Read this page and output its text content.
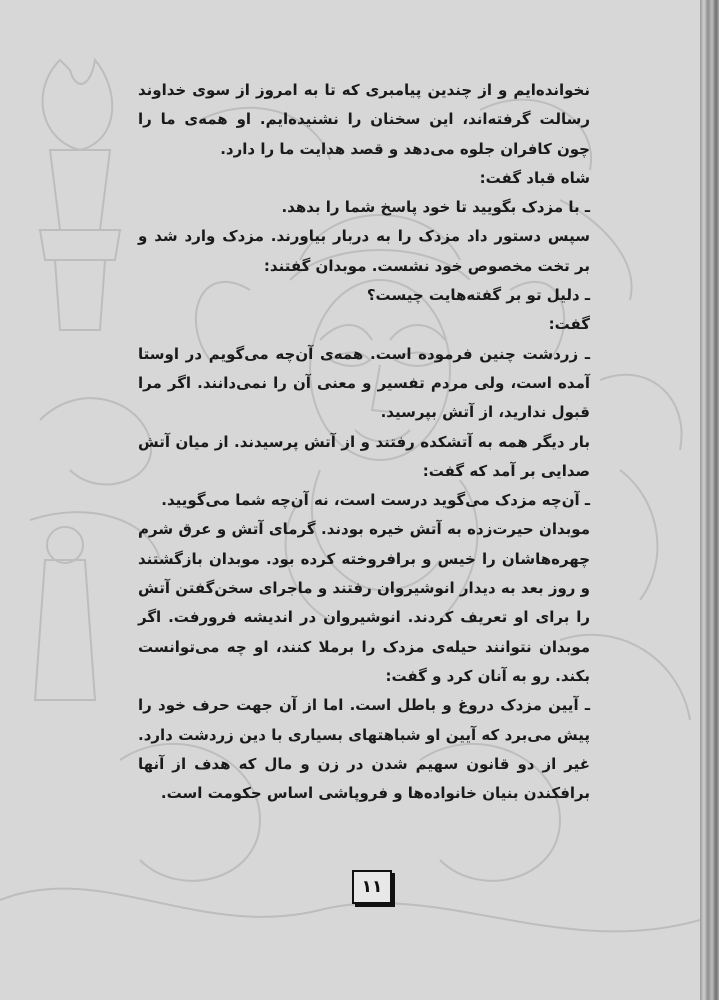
نخوانده‌ایم و از چندین پیامبری که تا به امروز از سوی خداوند رسالت گرفته‌اند، این سخنان را نشنیده‌ایم. او همه‌ی ما را چون کافران جلوه می‌دهد و قصد هدایت ما را دارد.

شاه قباد گفت:

ـ با مزدک بگویید تا خود پاسخ شما را بدهد.

سپس دستور داد مزدک را به دربار بیاورند. مزدک وارد شد و بر تخت مخصوص خود نشست. موبدان گفتند:

ـ دلیل تو بر گفته‌هایت چیست؟

گفت:

ـ زردشت چنین فرموده است. همه‌ی آن‌چه می‌گویم در اوستا آمده است، ولی مردم تفسیر و معنی آن را نمی‌دانند. اگر مرا قبول ندارید، از آتش بپرسید.

بار دیگر همه به آتشکده رفتند و از آتش پرسیدند. از میان آتش صدایی بر آمد که گفت:

ـ آن‌چه مزدک می‌گوید درست است، نه آن‌چه شما می‌گویید.

موبدان حیرت‌زده به آتش خیره بودند. گرمای آتش و عرق شرم چهره‌هاشان را خیس و برافروخته کرده بود. موبدان بازگشتند و روز بعد به دیدار انوشیروان رفتند و ماجرای سخن‌گفتن آتش را برای او تعریف کردند. انوشیروان در اندیشه فرورفت. اگر موبدان نتوانند حیله‌ی مزدک را برملا کنند، او چه می‌توانست بکند. رو به آنان کرد و گفت:

ـ آیین مزدک دروغ و باطل است. اما از آن جهت حرف خود را پیش می‌برد که آیین او شباهتهای بسیاری با دین زردشت دارد. غیر از دو قانون سهیم شدن در زن و مال که هدف از آنها برافکندن بنیان خانواده‌ها و فروپاشی اساس حکومت است.

۱۱
